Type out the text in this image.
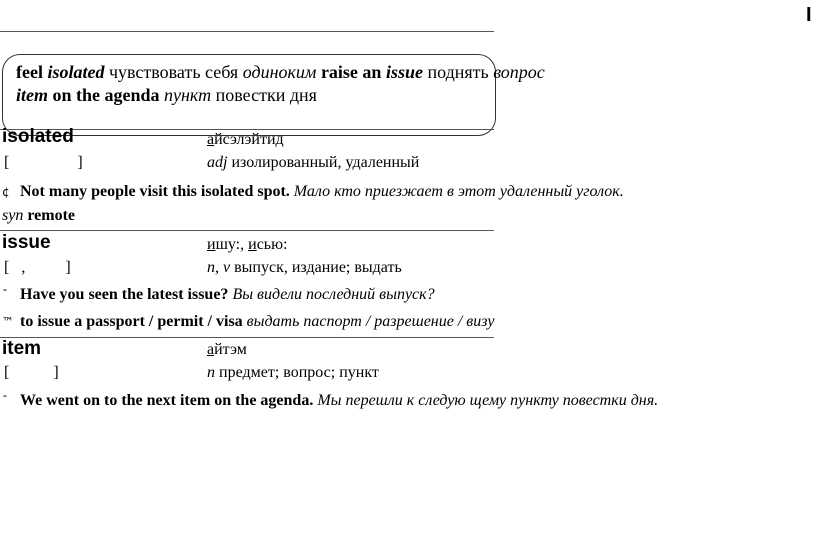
I
feel isolated чувствовать себя одиноким raise an issue поднять вопрос
item on the agenda пункт повестки дня
isolated	айсэлэйтид
[                 ]	adj изолированный, удаленный
¢ Not many people visit this isolated spot. Мало кто приезжает в этот удаленный уголок.
syn remote
issue	ишу:, исью:
[   ,          ]	n, v выпуск, издание; выдать
ˉ Have you seen the latest issue? Вы видели последний выпуск?
™ to issue a passport / permit / visa выдать паспорт / разрешение / визу
item	айтэм
[           ]	n предмет; вопрос; пункт
ˉ We went on to the next item on the agenda. Мы перешли к следую щему пункту повестки дня.
